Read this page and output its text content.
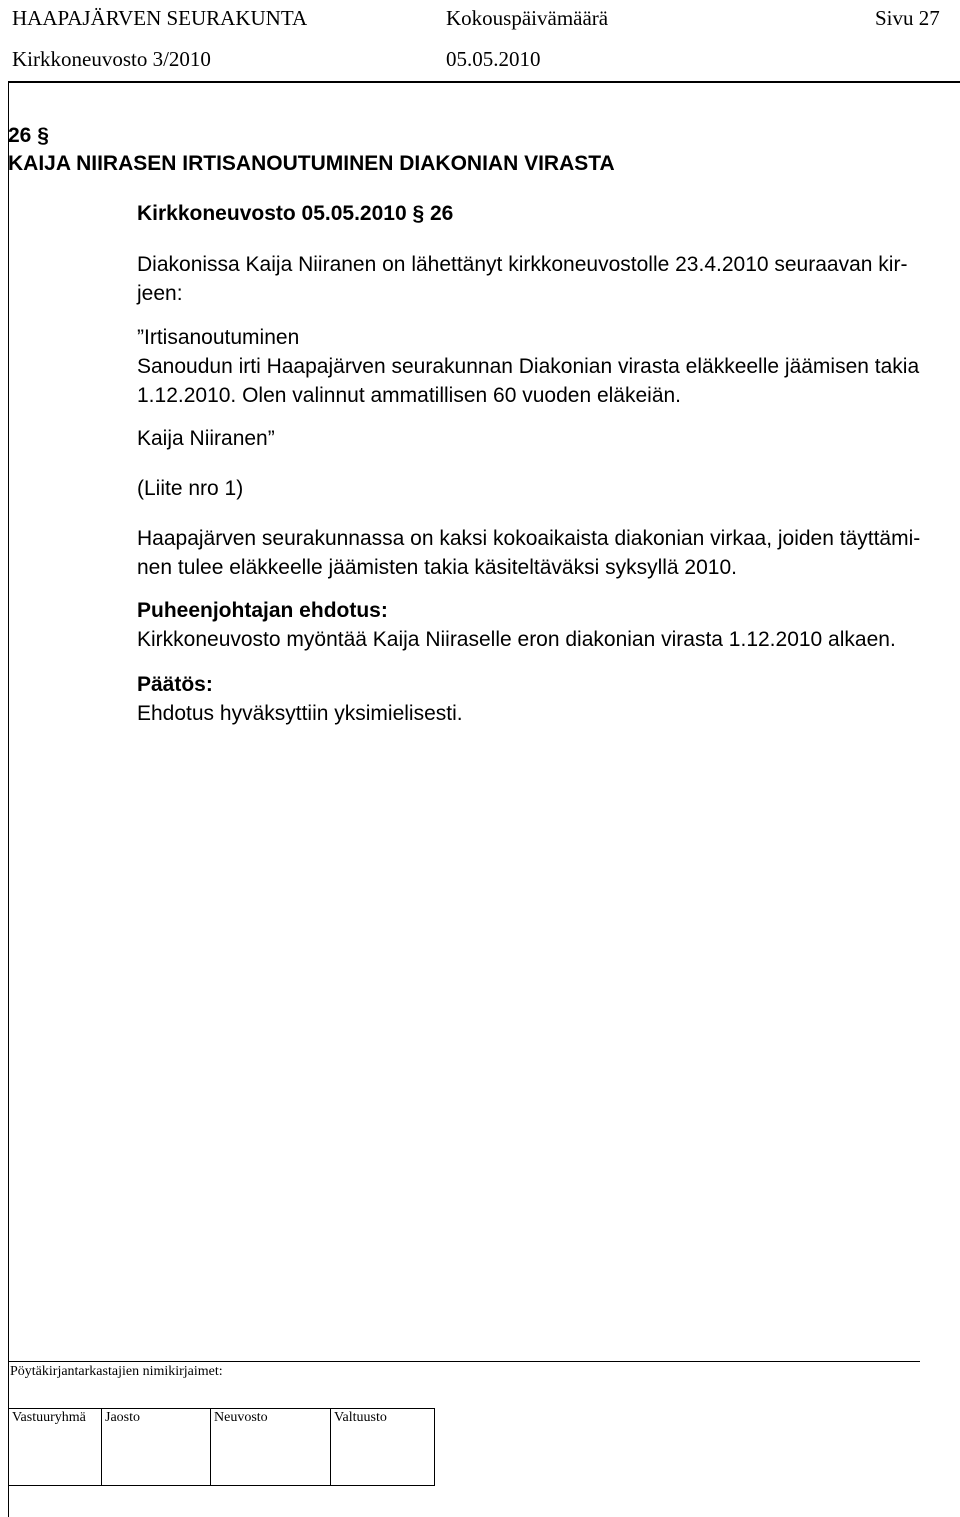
HAAPAJÄRVEN SEURAKUNTA	Kokouspäivämäärä	Sivu 27
Kirkkoneuvosto 3/2010	05.05.2010
26 §
KAIJA NIIRASEN IRTISANOUTUMINEN DIAKONIAN VIRASTA
Kirkkoneuvosto 05.05.2010 § 26
Diakonissa Kaija Niiranen on lähettänyt kirkkoneuvostolle 23.4.2010 seuraavan kir-
jeen:
”Irtisanoutuminen
Sanoudun irti Haapajärven seurakunnan Diakonian virasta eläkkeelle jäämisen takia
1.12.2010. Olen valinnut ammatillisen 60 vuoden eläkeiän.
Kaija Niiranen”
(Liite nro 1)
Haapajärven seurakunnassa on kaksi kokoaikaista diakonian virkaa, joiden täyttämi-
nen tulee eläkkeelle jäämisten takia käsiteltäväksi syksyllä 2010.
Puheenjohtajan ehdotus:
Kirkkoneuvosto myöntää Kaija Niiraselle eron diakonian virasta 1.12.2010 alkaen.
Päätös:
Ehdotus hyväksyttiin yksimielisesti.
Pöytäkirjantarkastajien nimikirjaimet:
Vastuuryhmä	Jaosto	Neuvosto	Valtuusto
